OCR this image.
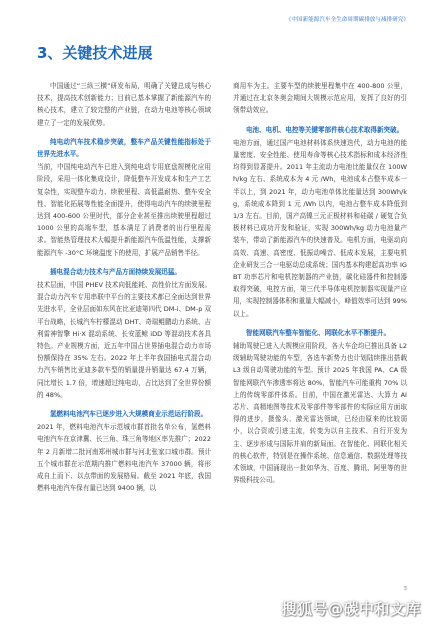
《中国新能源汽车全生命周期碳排放与减排研究》
3、关键技术进展

中国通过“三纵三横”研发布局，明确了关键总成与核心技术，提高技术创新能力；目前已基本掌握了新能源汽车的核心技术，建立了较完整的产业链，在动力电池等核心领域建立了一定的发展优势。

纯电动汽车技术稳步突破，整车产品关键性能指标处于世界先进水平。

当前，中国纯电动汽车已进入到纯电动专用底盘规模化应用阶段，采用一体化集成设计，降低整车开发成本和生产工艺复杂性，实现整车动力、续驶里程、高低温耐热、整车安全性、智能化拓展等性能全面提升，使得电动汽车的续驶里程达到 400-600 公里时代，部分企业甚至推出续驶里程超过 1000 公里的高端车型，基本满足了消费者的出行里程需求。智能热管理技术大幅提升新能源汽车低温性能，支撑新能源汽车 -30°C 环境温度下的使用，扩展产品销售半径。

插电混合动力技术与产品方面持续发展迅猛。

技术层面，中国 PHEV 技术向低能耗、高性价比方面发展。混合动力汽车专用串联中平台的主要技术都已全面达到世界先进水平，全业层面如东风在比亚迪第四代 DM-i、DM-p 双平台战略，长城汽车柠檬混动 DHT、奇瑞鲲鹏动力系统、吉利雷神智擎 Hi·X 混动系统、长安蓝鲸 iDD 等混动技术各具特色。产业规模方面，近五年中国占世界插电混合动力市场份额保持在 35% 左右。2022 年上半年我国插电式混合动力汽车销售比亚迪多款车型的销量提升销量达 67.4 万辆，同比增长 1.7 倍，增速超过纯电动，占比达到了全世界份额的 48%。

氢燃料电池汽车已逐步进入大规模商业示范运行阶段。

2021 年，燃料电池汽车示范城市群首批名单公布，氢燃料电池汽车在京津冀、长三角、珠三角等地区率先推广；2022 年 2 月新增二批河南郑州城市群与河北张家口城市群。预计五个城市群在示范期内推广燃料电池汽车 37000 辆，将形成自上而下、以点带面的发展格局。截至 2021 年底，我国燃料电池汽车保有量已达到 9400 辆，以

商用车为主。主要车型的续驶里程集中在 400-800 公里，并通过在北京冬奥会期间大规模示范应用，发挥了良好的引领带动效应。

电池、电机、电控等关键零部件核心技术取得新突破。

电池方面，通过国产电池材料体系快速迭代，动力电池的能量密度、安全性能、使用寿命等核心技术指标和成本经济性均得到显著提升。2011 年主流动力电池比能量仅在 100Wh/kg 左右、系统成本为 4 元 /Wh，电池成本占整车成本一半以上，到 2021 年，动力电池单体比能量达到 300Wh/kg，系统成本降到 1 元 /Wh 以内，电池占整车成本降低到 1/3 左右。目前，国产高镍三元正极材料和硅碳 / 硬复合负极材料已成功开发和验证，实现 300Wh/kg 动力电池量产装车，带动了新能源汽车的快速普及。电机方面，电驱动向高效、高速、高密度、低振动噪音、低成本发展，主要电机企业研发三合一电驱动总成系统；国内基本构建起高功率 IGBT 功率芯片和电机控制器的产业链，碳化硅器件和控制器取得突破，电控方面，第三代半导体电机控制器实现量产应用，实现控制器体积和重量大幅减小，峰值效率可达到 99% 以上。

智能网联汽车整车智能化、网联化水平不断提升。

辅助驾驶已进入大规模应用阶段，各大车企均已推出具备 L2 级辅助驾驶功能的车型，各选车新势力也计划陆续推出搭载 L3 级自动驾驶功能的车型。预计 2025 年我国 PA、CA 级智能网联汽车渗透率将达 80%，智能汽车可能重构 70% 以上的传统零部件体系。目前，中国在激光雷达、大算力 AI 芯片、高精地图等技术及零部件等零部件的实际应用方面取得的进步，摄像头、激光雷达领域，已经由原来的比较弱小，以合资或引进主流，转变为以自主技术、自行开发为主、逐步形成与国际并肩的新局面。在智能化、网联化相关的核心软件，特别是在操作系统、信息通信、数据处理等技术领域，中国涌现出一批如华为、百度、腾讯、阿里等的世界级科技公司。

3
搜狐号@碳中和文库
